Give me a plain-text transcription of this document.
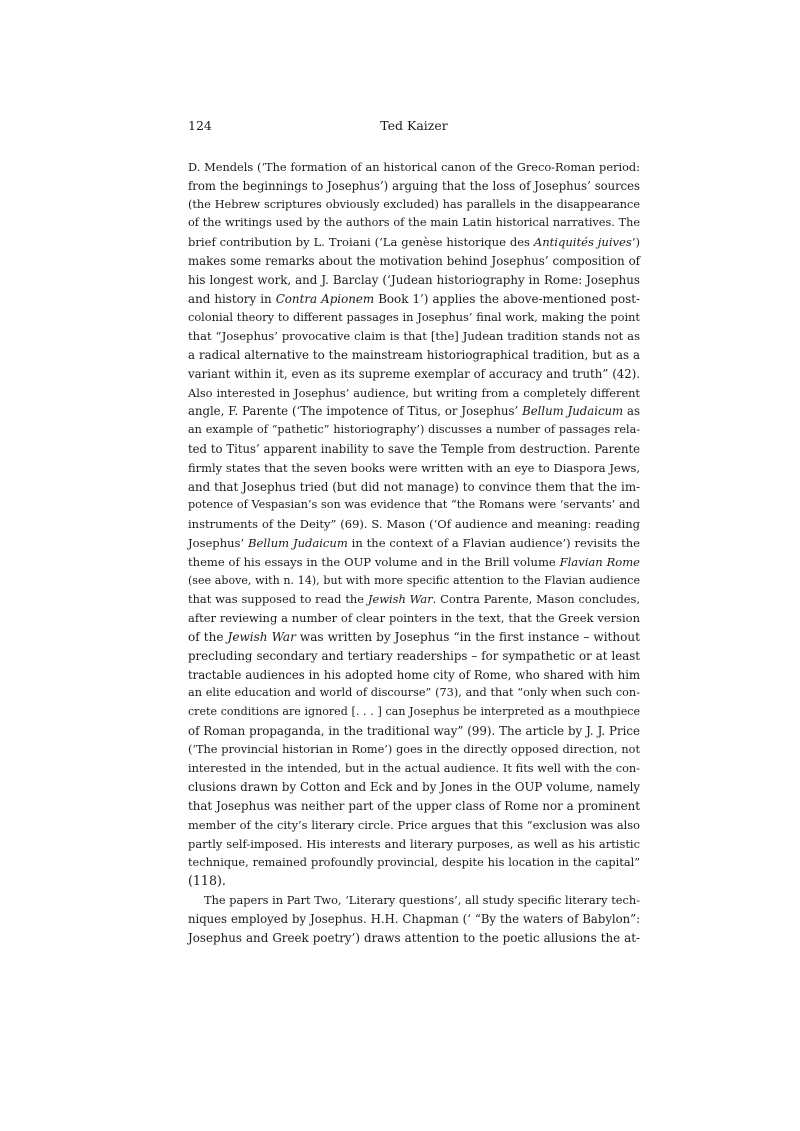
124	Ted Kaizer
D. Mendels (‘The formation of an historical canon of the Greco-Roman period:
from the beginnings to Josephus’) arguing that the loss of Josephus’ sources
(the Hebrew scriptures obviously excluded) has parallels in the disappearance
of the writings used by the authors of the main Latin historical narratives. The
brief contribution by L. Troiani (‘La genèse historique des Antiquités juives’)
makes some remarks about the motivation behind Josephus’ composition of
his longest work, and J. Barclay (‘Judean historiography in Rome: Josephus
and history in Contra Apionem Book 1’) applies the above-mentioned post-
colonial theory to different passages in Josephus’ final work, making the point
that “Josephus’ provocative claim is that [the] Judean tradition stands not as
a radical alternative to the mainstream historiographical tradition, but as a
variant within it, even as its supreme exemplar of accuracy and truth” (42).
Also interested in Josephus’ audience, but writing from a completely different
angle, F. Parente (‘The impotence of Titus, or Josephus’ Bellum Judaicum as
an example of “pathetic” historiography’) discusses a number of passages rela-
ted to Titus’ apparent inability to save the Temple from destruction. Parente
firmly states that the seven books were written with an eye to Diaspora Jews,
and that Josephus tried (but did not manage) to convince them that the im-
potence of Vespasian’s son was evidence that “the Romans were ‘servants’ and
instruments of the Deity” (69). S. Mason (‘Of audience and meaning: reading
Josephus’ Bellum Judaicum in the context of a Flavian audience’) revisits the
theme of his essays in the OUP volume and in the Brill volume Flavian Rome
(see above, with n. 14), but with more specific attention to the Flavian audience
that was supposed to read the Jewish War. Contra Parente, Mason concludes,
after reviewing a number of clear pointers in the text, that the Greek version
of the Jewish War was written by Josephus “in the first instance – without
precluding secondary and tertiary readerships – for sympathetic or at least
tractable audiences in his adopted home city of Rome, who shared with him
an elite education and world of discourse” (73), and that “only when such con-
crete conditions are ignored [. . . ] can Josephus be interpreted as a mouthpiece
of Roman propaganda, in the traditional way” (99). The article by J. J. Price
(‘The provincial historian in Rome’) goes in the directly opposed direction, not
interested in the intended, but in the actual audience. It fits well with the con-
clusions drawn by Cotton and Eck and by Jones in the OUP volume, namely
that Josephus was neither part of the upper class of Rome nor a prominent
member of the city’s literary circle. Price argues that this “exclusion was also
partly self-imposed. His interests and literary purposes, as well as his artistic
technique, remained profoundly provincial, despite his location in the capital”
(118).
The papers in Part Two, ‘Literary questions’, all study specific literary tech-
niques employed by Josephus. H.H. Chapman (‘ “By the waters of Babylon”:
Josephus and Greek poetry’) draws attention to the poetic allusions the at-
